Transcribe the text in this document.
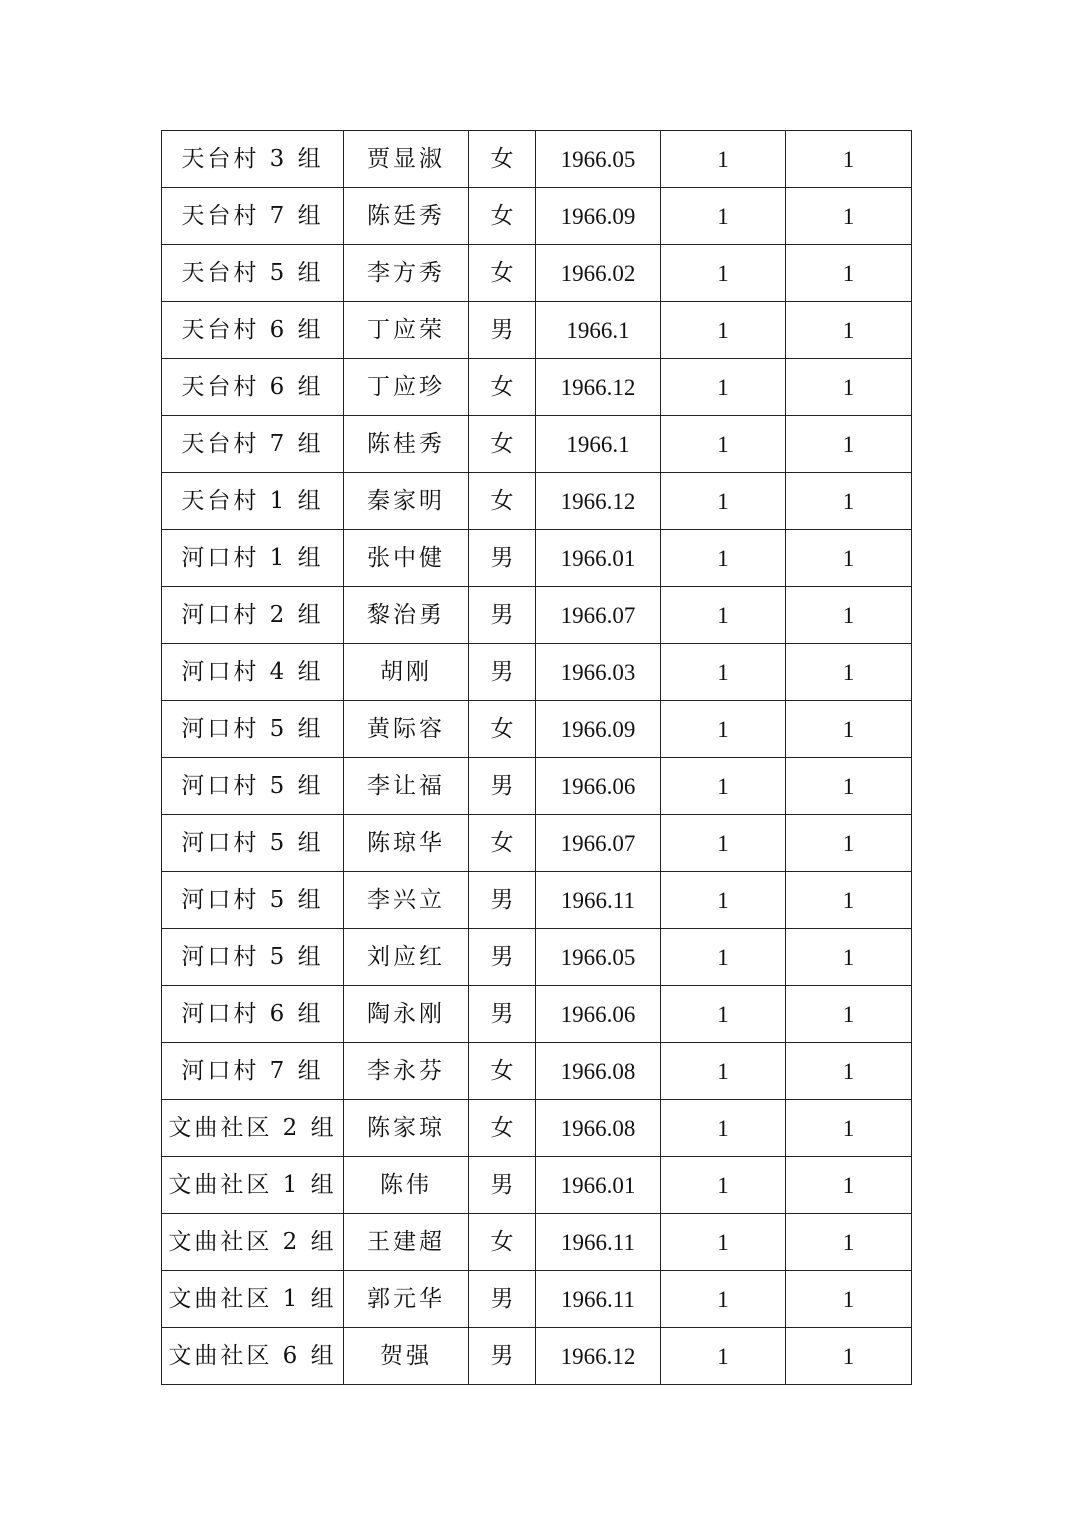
天台村 3 组	贾显淑	女	1966.05	1	1
天台村 7 组	陈廷秀	女	1966.09	1	1
天台村 5 组	李方秀	女	1966.02	1	1
天台村 6 组	丁应荣	男	1966.1	1	1
天台村 6 组	丁应珍	女	1966.12	1	1
天台村 7 组	陈桂秀	女	1966.1	1	1
天台村 1 组	秦家明	女	1966.12	1	1
河口村 1 组	张中健	男	1966.01	1	1
河口村 2 组	黎治勇	男	1966.07	1	1
河口村 4 组	胡刚	男	1966.03	1	1
河口村 5 组	黄际容	女	1966.09	1	1
河口村 5 组	李让福	男	1966.06	1	1
河口村 5 组	陈琼华	女	1966.07	1	1
河口村 5 组	李兴立	男	1966.11	1	1
河口村 5 组	刘应红	男	1966.05	1	1
河口村 6 组	陶永刚	男	1966.06	1	1
河口村 7 组	李永芬	女	1966.08	1	1
文曲社区 2 组	陈家琼	女	1966.08	1	1
文曲社区 1 组	陈伟	男	1966.01	1	1
文曲社区 2 组	王建超	女	1966.11	1	1
文曲社区 1 组	郭元华	男	1966.11	1	1
文曲社区 6 组	贺强	男	1966.12	1	1
